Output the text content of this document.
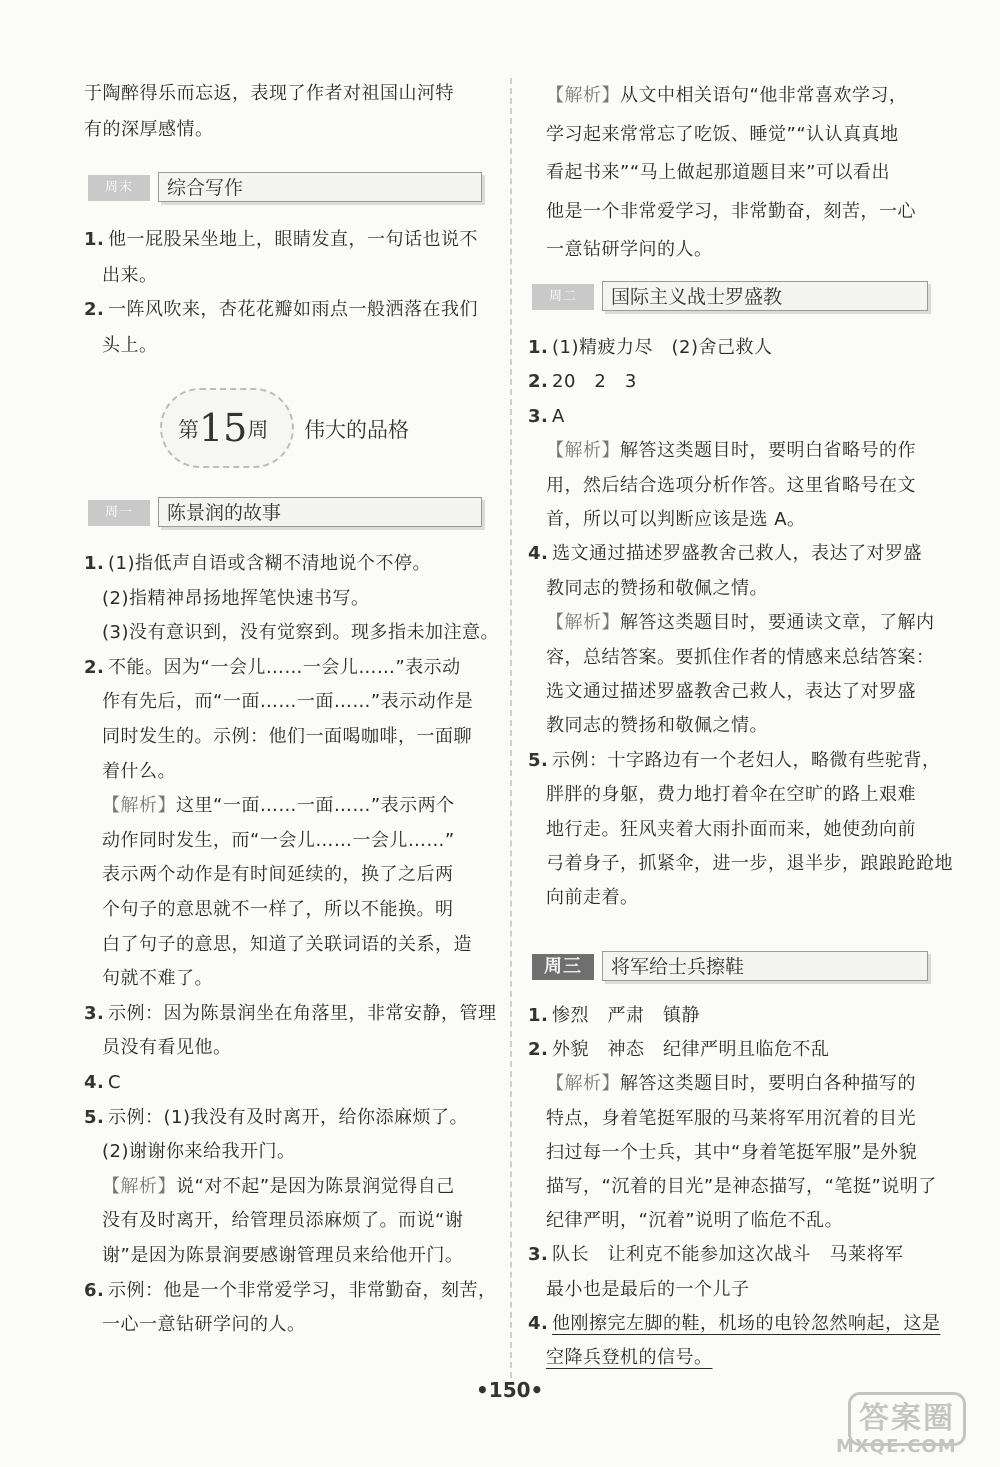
于陶醉得乐而忘返，表现了作者对祖国山河特
有的深厚感情。
周末	综合写作
1. 他一屁股呆坐地上，眼睛发直，一句话也说不
出来。
2. 一阵风吹来，杏花花瓣如雨点一般洒落在我们
头上。
第15周 伟大的品格
周一	陈景润的故事
1. (1)指低声自语或含糊不清地说个不停。
(2)指精神昂扬地挥笔快速书写。
(3)没有意识到，没有觉察到。现多指未加注意。
2. 不能。因为“一会儿……一会儿……”表示动
作有先后，而“一面……一面……”表示动作是
同时发生的。示例：他们一面喝咖啡，一面聊
着什么。
【解析】这里“一面……一面……”表示两个
动作同时发生，而“一会儿……一会儿……”
表示两个动作是有时间延续的，换了之后两
个句子的意思就不一样了，所以不能换。明
白了句子的意思，知道了关联词语的关系，造
句就不难了。
3. 示例：因为陈景润坐在角落里，非常安静，管理
员没有看见他。
4. C
5. 示例：(1)我没有及时离开，给你添麻烦了。
(2)谢谢你来给我开门。
【解析】说“对不起”是因为陈景润觉得自己
没有及时离开，给管理员添麻烦了。而说“谢
谢”是因为陈景润要感谢管理员来给他开门。
6. 示例：他是一个非常爱学习，非常勤奋，刻苦，
一心一意钻研学问的人。
【解析】从文中相关语句“他非常喜欢学习，
学习起来常常忘了吃饭、睡觉”“认认真真地
看起书来”“马上做起那道题目来”可以看出
他是一个非常爱学习，非常勤奋，刻苦，一心
一意钻研学问的人。
周二	国际主义战士罗盛教
1. (1)精疲力尽　(2)舍己救人
2. 20　2　3
3. A
【解析】解答这类题目时，要明白省略号的作
用，然后结合选项分析作答。这里省略号在文
首，所以可以判断应该是选 A。
4. 选文通过描述罗盛教舍己救人，表达了对罗盛
教同志的赞扬和敬佩之情。
【解析】解答这类题目时，要通读文章，了解内
容，总结答案。要抓住作者的情感来总结答案：
选文通过描述罗盛教舍己救人，表达了对罗盛
教同志的赞扬和敬佩之情。
5. 示例：十字路边有一个老妇人，略微有些驼背，
胖胖的身躯，费力地打着伞在空旷的路上艰难
地行走。狂风夹着大雨扑面而来，她使劲向前
弓着身子，抓紧伞，进一步，退半步，踉踉跄跄地
向前走着。
周三	将军给士兵擦鞋
1. 惨烈　严肃　镇静
2. 外貌　神态　纪律严明且临危不乱
【解析】解答这类题目时，要明白各种描写的
特点，身着笔挺军服的马莱将军用沉着的目光
扫过每一个士兵，其中“身着笔挺军服”是外貌
描写，“沉着的目光”是神态描写，“笔挺”说明了
纪律严明，“沉着”说明了临危不乱。
3. 队长　让利克不能参加这次战斗　马莱将军
最小也是最后的一个儿子
4. 他刚擦完左脚的鞋，机场的电铃忽然响起，这是
空降兵登机的信号。
•150•
答案圈
MXQE.COM
